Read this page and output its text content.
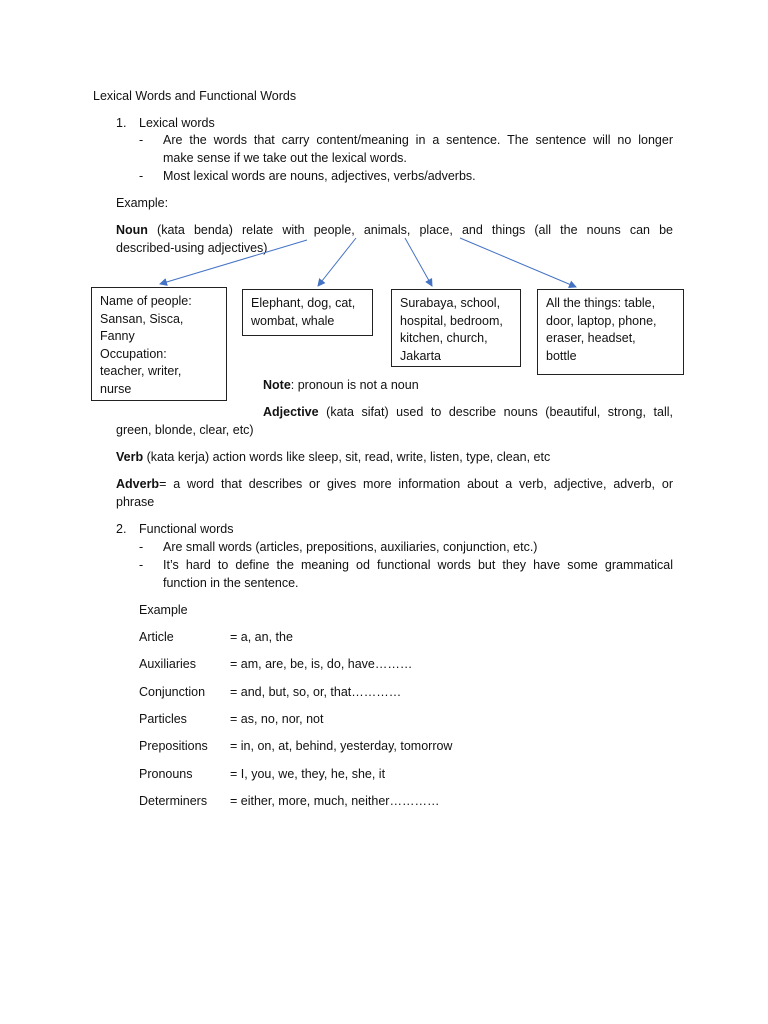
Lexical Words and Functional Words
1. Lexical words
- Are the words that carry content/meaning in a sentence. The sentence will no longer
make sense if we take out the lexical words.
- Most lexical words are nouns, adjectives, verbs/adverbs.
Example:
Noun (kata benda) relate with people, animals, place, and things (all the nouns can be
described-using adjectives)
Name of people:
Sansan, Sisca,
Fanny
Occupation:
teacher, writer,
nurse
Elephant, dog, cat,
wombat, whale
Surabaya, school,
hospital, bedroom,
kitchen, church,
Jakarta
All the things: table,
door, laptop, phone,
eraser, headset,
bottle
Note: pronoun is not a noun
Adjective (kata sifat) used to describe nouns (beautiful, strong, tall,
green, blonde, clear, etc)
Verb (kata kerja) action words like sleep, sit, read, write, listen, type, clean, etc
Adverb= a word that describes or gives more information about a verb, adjective, adverb, or
phrase
2. Functional words
- Are small words (articles, prepositions, auxiliaries, conjunction, etc.)
- It’s hard to define the meaning od functional words but they have some grammatical
function in the sentence.
Example
Article	= a, an, the
Auxiliaries	= am, are, be, is, do, have………
Conjunction = and, but, so, or, that…………
Particles	= as, no, nor, not
Prepositions = in, on, at, behind, yesterday, tomorrow
Pronouns	= I, you, we, they, he, she, it
Determiners = either, more, much, neither…………
